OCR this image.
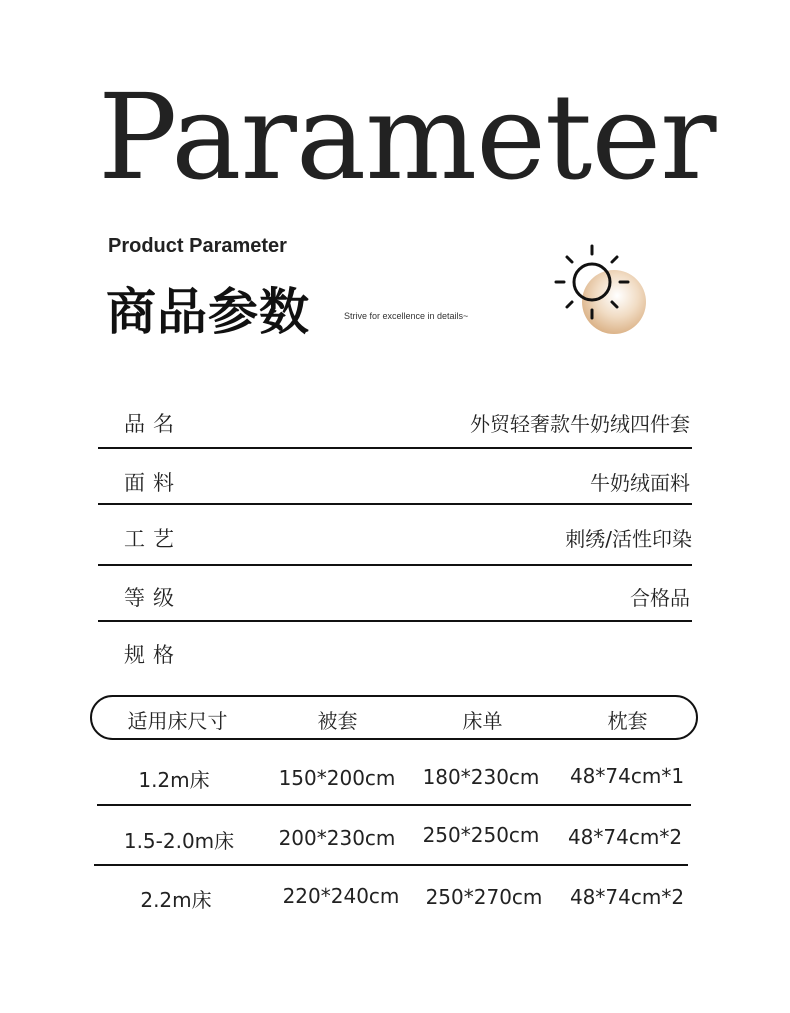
Parameter
Product Parameter
商品参数	Strive for excellence in details~
品名	外贸轻奢款牛奶绒四件套
面料	牛奶绒面料
工艺	刺绣/活性印染
等级	合格品
规格
适用床尺寸	被套	床单	枕套
1.2m床	150*200cm 180*230cm 48*74cm*1
1.5-2.0m床	200*230cm 250*250cm 48*74cm*2
2.2m床	220*240cm 250*270cm 48*74cm*2
